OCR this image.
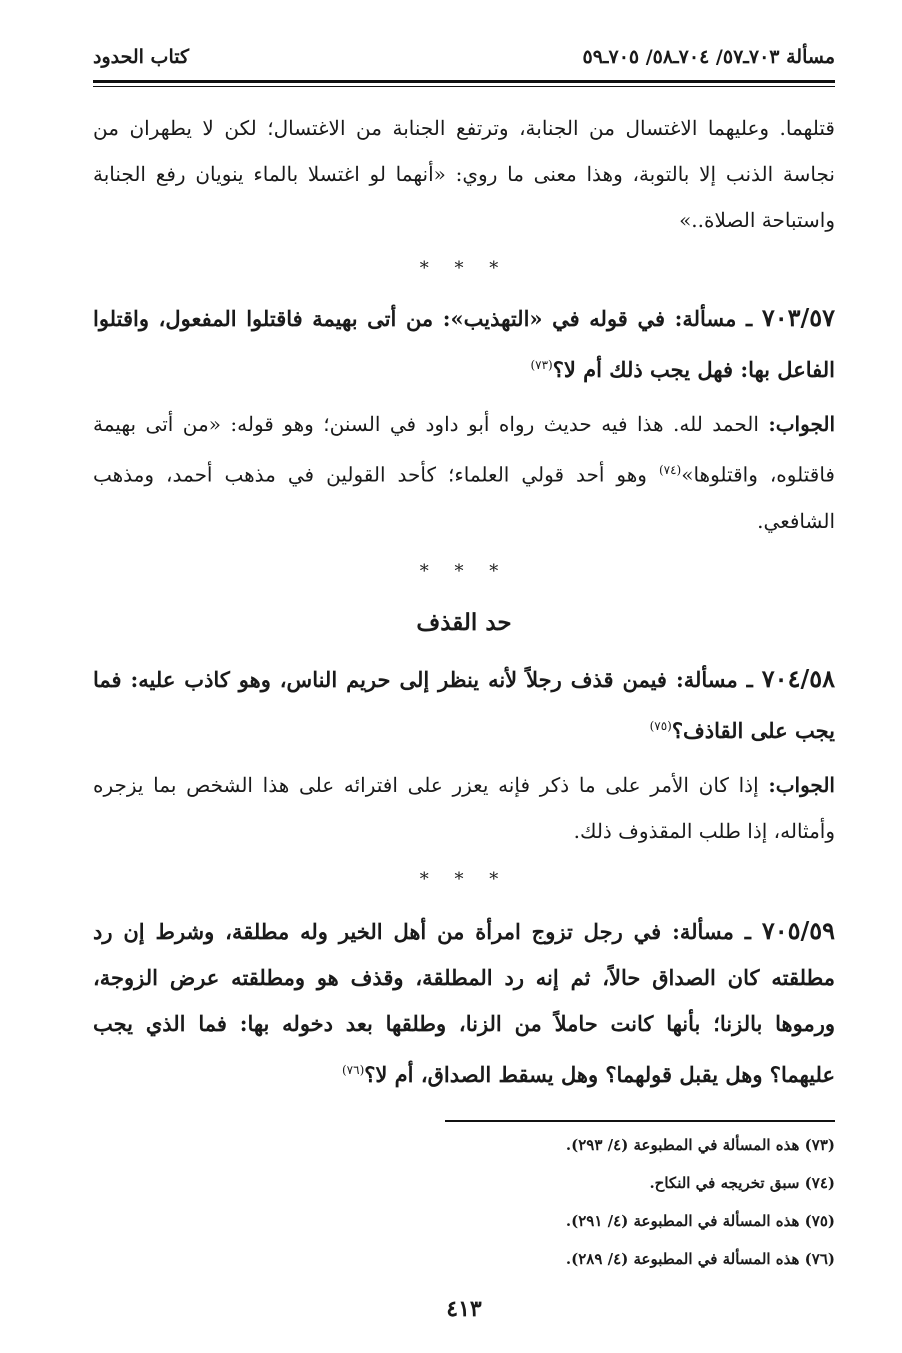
مسألة ٧٠٣ـ٥٧/ ٧٠٤ـ٥٨/ ٧٠٥ـ٥٩
كتاب الحدود

قتلهما. وعليهما الاغتسال من الجنابة، وترتفع الجنابة من الاغتسال؛ لكن لا يطهران من نجاسة الذنب إلا بالتوبة، وهذا معنى ما روي: «أنهما لو اغتسلا بالماء ينويان رفع الجنابة واستباحة الصلاة..»

* * *

٧٠٣/٥٧ ـ مسألة: في قوله في «التهذيب»: من أتى بهيمة فاقتلوا المفعول، واقتلوا الفاعل بها: فهل يجب ذلك أم لا؟$^{(٧٣)}$

الجواب: الحمد لله. هذا فيه حديث رواه أبو داود في السنن؛ وهو قوله: «من أتى بهيمة فاقتلوه، واقتلوها»$^{(٧٤)}$ وهو أحد قولي العلماء؛ كأحد القولين في مذهب أحمد، ومذهب الشافعي.

* * *
حد القذف

٧٠٤/٥٨ ـ مسألة: فيمن قذف رجلاً لأنه ينظر إلى حريم الناس، وهو كاذب عليه: فما يجب على القاذف؟$^{(٧٥)}$

الجواب: إذا كان الأمر على ما ذكر فإنه يعزر على افترائه على هذا الشخص بما يزجره وأمثاله، إذا طلب المقذوف ذلك.

* * *

٧٠٥/٥٩ ـ مسألة: في رجل تزوج امرأة من أهل الخير وله مطلقة، وشرط إن رد مطلقته كان الصداق حالاً، ثم إنه رد المطلقة، وقذف هو ومطلقته عرض الزوجة، ورموها بالزنا؛ بأنها كانت حاملاً من الزنا، وطلقها بعد دخوله بها: فما الذي يجب عليهما؟ وهل يقبل قولهما؟ وهل يسقط الصداق، أم لا؟$^{(٧٦)}$

(٧٣) هذه المسألة في المطبوعة (٤/ ٢٩٣).
(٧٤) سبق تخريجه في النكاح.
(٧٥) هذه المسألة في المطبوعة (٤/ ٢٩١).
(٧٦) هذه المسألة في المطبوعة (٤/ ٢٨٩).
٤١٣
